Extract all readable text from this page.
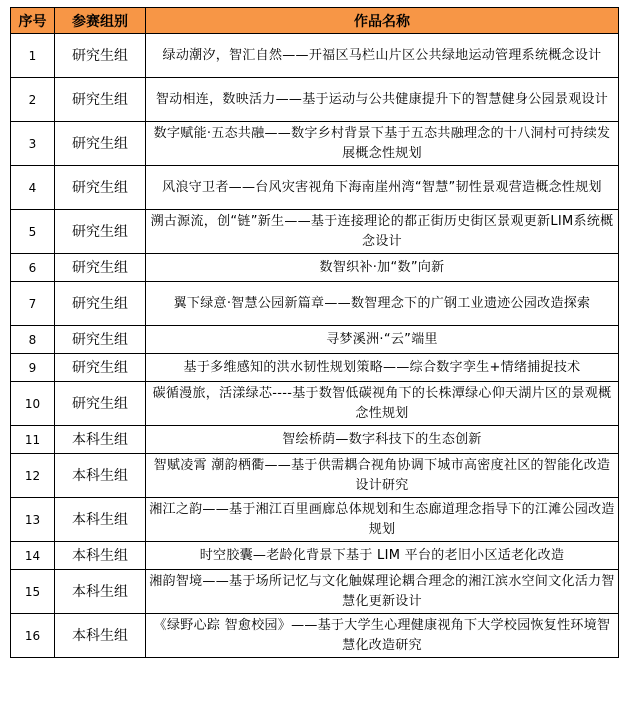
序号	参赛组别	作品名称
1	研究生组	绿动潮汐，智汇自然——开福区马栏山片区公共绿地运动管理系统概念设计
2	研究生组	智动相连，数映活力——基于运动与公共健康提升下的智慧健身公园景观设计
3	研究生组	数字赋能·五态共融——数字乡村背景下基于五态共融理念的十八洞村可持续发展概念性规划
4	研究生组	风浪守卫者——台风灾害视角下海南崖州湾“智慧”韧性景观营造概念性规划
5	研究生组	溯古源流，创“链”新生——基于连接理论的都正街历史街区景观更新LIM系统概念设计
6	研究生组	数智织补·加“数”向新
7	研究生组	翼下绿意·智慧公园新篇章——数智理念下的广钢工业遗迹公园改造探索
8	研究生组	寻梦溪洲·“云”端里
9	研究生组	基于多维感知的洪水韧性规划策略——综合数字孪生+情绪捕捉技术
10	研究生组	碳循漫旅，活漾绿芯----基于数智低碳视角下的长株潭绿心仰天湖片区的景观概念性规划
11	本科生组	智绘桥荫—数字科技下的生态创新
12	本科生组	智赋凌霄 潮韵栖衢——基于供需耦合视角协调下城市高密度社区的智能化改造设计研究
13	本科生组	湘江之韵——基于湘江百里画廊总体规划和生态廊道理念指导下的江滩公园改造规划
14	本科生组	时空胶囊—老龄化背景下基于 LIM 平台的老旧小区适老化改造
15	本科生组	湘韵智境——基于场所记忆与文化触媒理论耦合理念的湘江滨水空间文化活力智慧化更新设计
16	本科生组	《绿野心踪 智愈校园》——基于大学生心理健康视角下大学校园恢复性环境智慧化改造研究
